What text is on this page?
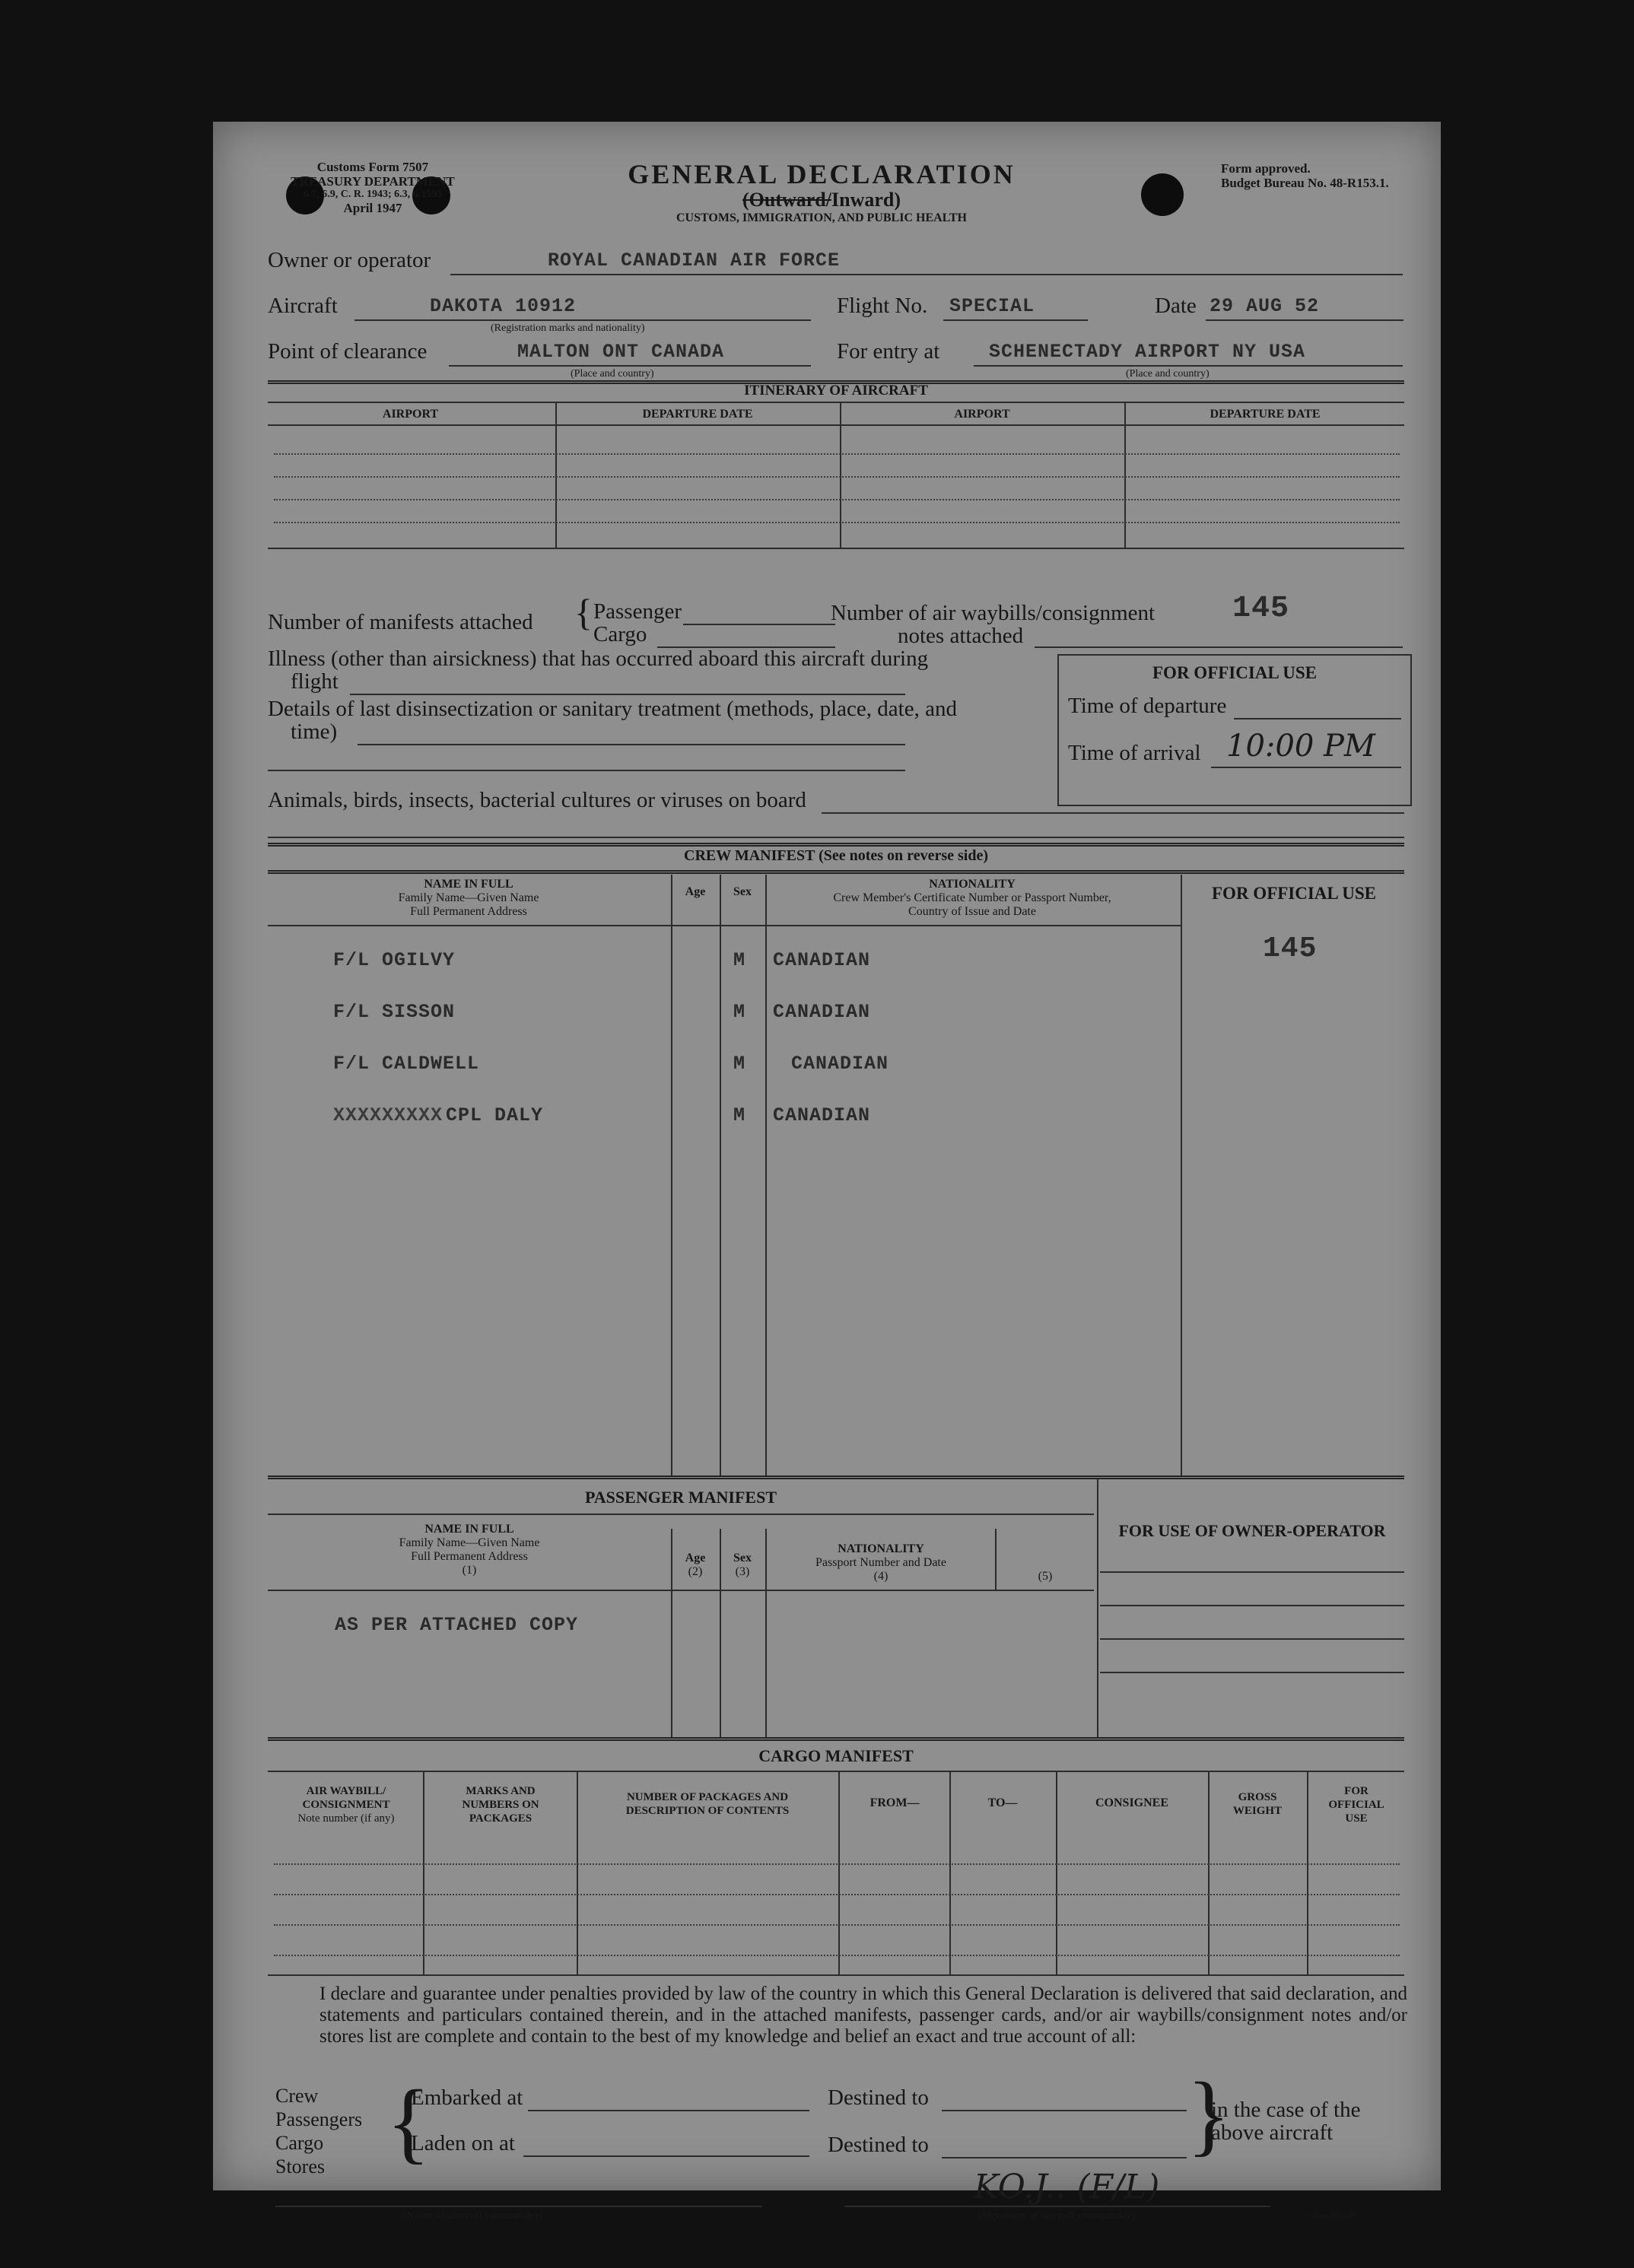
Customs Form 7507
TREASURY DEPARTMENT
6.7, 6.9, C. R. 1943; 6.3, 6.1595
April 1947
GENERAL DECLARATION
(Outward/Inward)
CUSTOMS, IMMIGRATION, AND PUBLIC HEALTH
Form approved.
Budget Bureau No. 48-R153.1.
Owner or operator	ROYAL CANADIAN AIR FORCE
Aircraft	DAKOTA 10912
(Registration marks and nationality)
Flight No. SPECIAL	Date 29 AUG 52
Point of clearance	MALTON ONT CANADA
(Place and country)
For entry at	SCHENECTADY AIRPORT NY USA
(Place and country)
ITINERARY OF AIRCRAFT
AIRPORT	DEPARTURE DATE	AIRPORT	DEPARTURE DATE
Number of manifests attached { Passenger
Cargo
Number of air waybills/consignment
notes attached
145
Illness (other than airsickness) that has occurred aboard this aircraft during
flight
Details of last disinsectization or sanitary treatment (methods, place, date, and
time)
FOR OFFICIAL USE
Time of departure
Time of arrival 10:00 PM
Animals, birds, insects, bacterial cultures or viruses on board
CREW MANIFEST (See notes on reverse side)
NAME IN FULL
Family Name—Given Name
Full Permanent Address
Age	Sex
NATIONALITY
Crew Member's Certificate Number or Passport Number,
Country of Issue and Date
FOR OFFICIAL USE
145
F/L OGILVY	M CANADIAN
F/L SISSON	M CANADIAN
F/L CALDWELL	M CANADIAN
XXXXXXXXX CPL DALY	M CANADIAN
PASSENGER MANIFEST
FOR USE OF OWNER-OPERATOR
NAME IN FULL
Family Name—Given Name
Full Permanent Address
(1)
Age
(2)
Sex
(3)
NATIONALITY
Passport Number and Date
(4)	(5)
AS PER ATTACHED COPY
CARGO MANIFEST
AIR WAYBILL/
CONSIGNMENT
Note number (if any)
MARKS AND
NUMBERS ON
PACKAGES
NUMBER OF PACKAGES AND
DESCRIPTION OF CONTENTS
FROM—	TO—	CONSIGNEE	GROSS
WEIGHT
FOR
OFFICIAL
USE
I declare and guarantee under penalties provided by law of the country in which this General Declaration is delivered that said declaration, and statements and particulars contained therein, and in the attached manifests, passenger cards, and/or air waybills/consignment notes and/or stores list are complete and contain to the best of my knowledge and belief an exact and true account of all:
Crew
Passengers
Cargo
Stores {
Embarked at
Laden on at
Destined to
Destined to	}
in the case of the
above aircraft
(Name of aircraft commander)
KO.J.. (F/L)
(Signature of aircraft commander)	c6—16—6
